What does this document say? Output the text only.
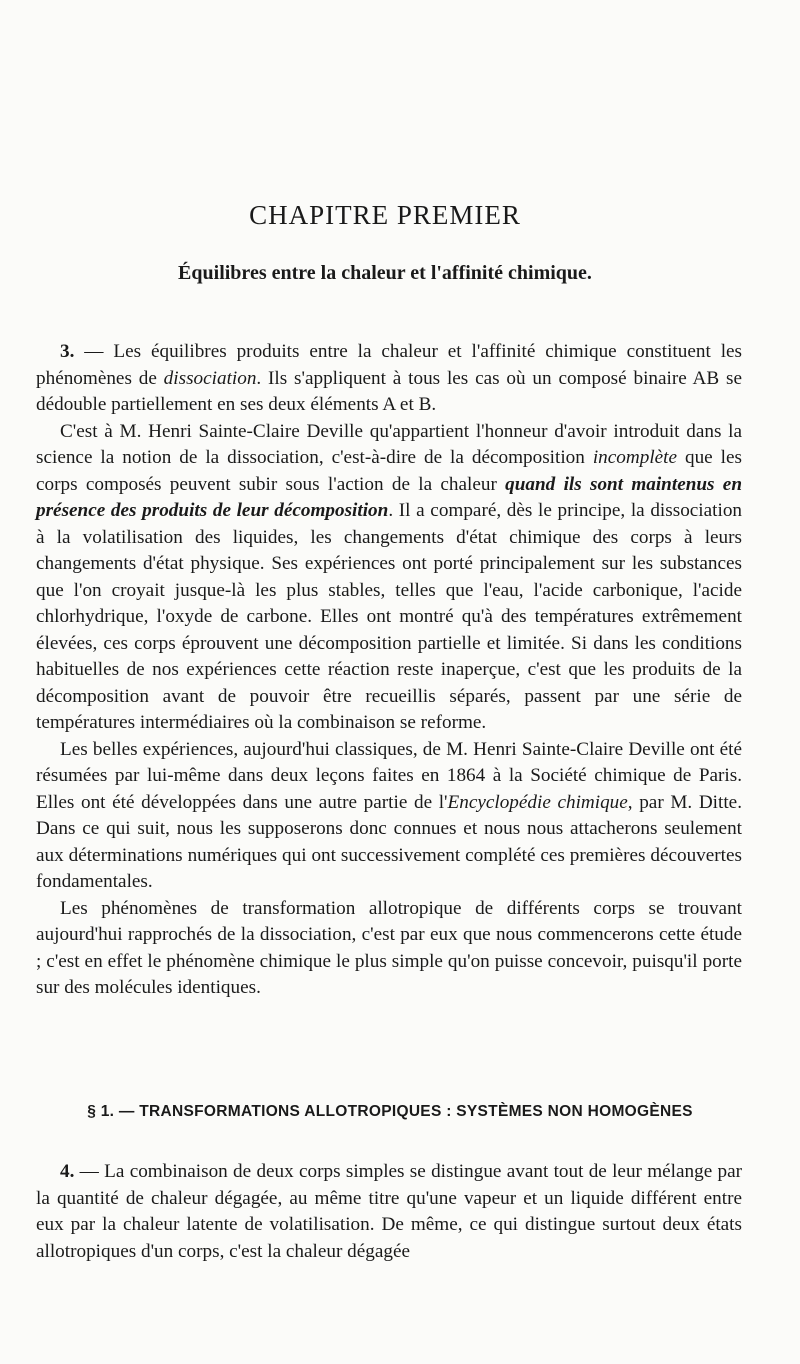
CHAPITRE PREMIER
Équilibres entre la chaleur et l'affinité chimique.

3. — Les équilibres produits entre la chaleur et l'affinité chimique constituent les phénomènes de dissociation. Ils s'appliquent à tous les cas où un composé binaire AB se dédouble partiellement en ses deux éléments A et B.

C'est à M. Henri Sainte-Claire Deville qu'appartient l'honneur d'avoir introduit dans la science la notion de la dissociation, c'est-à-dire de la décomposition incomplète que les corps composés peuvent subir sous l'action de la chaleur quand ils sont maintenus en présence des produits de leur décomposition. Il a comparé, dès le principe, la dissociation à la volatilisation des liquides, les changements d'état chimique des corps à leurs changements d'état physique. Ses expériences ont porté principalement sur les substances que l'on croyait jusque-là les plus stables, telles que l'eau, l'acide carbonique, l'acide chlorhydrique, l'oxyde de carbone. Elles ont montré qu'à des températures extrêmement élevées, ces corps éprouvent une décomposition partielle et limitée. Si dans les conditions habituelles de nos expériences cette réaction reste inaperçue, c'est que les produits de la décomposition avant de pouvoir être recueillis séparés, passent par une série de températures intermédiaires où la combinaison se reforme.

Les belles expériences, aujourd'hui classiques, de M. Henri Sainte-Claire Deville ont été résumées par lui-même dans deux leçons faites en 1864 à la Société chimique de Paris. Elles ont été développées dans une autre partie de l'Encyclopédie chimique, par M. Ditte. Dans ce qui suit, nous les supposerons donc connues et nous nous attacherons seulement aux déterminations numériques qui ont successivement complété ces premières découvertes fondamentales.

Les phénomènes de transformation allotropique de différents corps se trouvant aujourd'hui rapprochés de la dissociation, c'est par eux que nous commencerons cette étude ; c'est en effet le phénomène chimique le plus simple qu'on puisse concevoir, puisqu'il porte sur des molécules identiques.

§ 1. — TRANSFORMATIONS ALLOTROPIQUES : SYSTÈMES NON HOMOGÈNES

4. — La combinaison de deux corps simples se distingue avant tout de leur mélange par la quantité de chaleur dégagée, au même titre qu'une vapeur et un liquide différent entre eux par la chaleur latente de volatilisation. De même, ce qui distingue surtout deux états allotropiques d'un corps, c'est la chaleur dégagée
